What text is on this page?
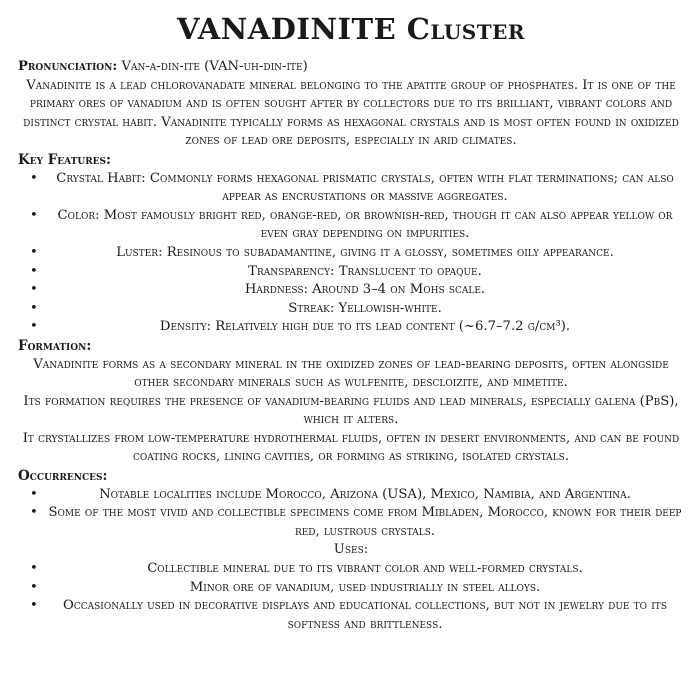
VANADINITE Cluster
Pronunciation: Van-a-din-ite (VAN-uh-din-ite)
Vanadinite is a lead chlorovanadate mineral belonging to the apatite group of phosphates. It is one of the primary ores of vanadium and is often sought after by collectors due to its brilliant, vibrant colors and distinct crystal habit. Vanadinite typically forms as hexagonal crystals and is most often found in oxidized zones of lead ore deposits, especially in arid climates.
Key Features:
• Crystal Habit: Commonly forms hexagonal prismatic crystals, often with flat terminations; can also appear as encrustations or massive aggregates.
• Color: Most famously bright red, orange-red, or brownish-red, though it can also appear yellow or even gray depending on impurities.
•	Luster: Resinous to subadamantine, giving it a glossy, sometimes oily appearance.
•	Transparency: Translucent to opaque.
•	Hardness: Around 3–4 on Mohs scale.
•	Streak: Yellowish-white.
•	Density: Relatively high due to its lead content (~6.7–7.2 g/cm³).
Formation:
Vanadinite forms as a secondary mineral in the oxidized zones of lead-bearing deposits, often alongside other secondary minerals such as wulfenite, descloizite, and mimetite.
Its formation requires the presence of vanadium-bearing fluids and lead minerals, especially galena (PbS), which it alters.
It crystallizes from low-temperature hydrothermal fluids, often in desert environments, and can be found coating rocks, lining cavities, or forming as striking, isolated crystals.
Occurrences:
•	Notable localities include Morocco, Arizona (USA), Mexico, Namibia, and Argentina.
• Some of the most vivid and collectible specimens come from Mibladen, Morocco, known for their deep red, lustrous crystals.
Uses:
•	Collectible mineral due to its vibrant color and well-formed crystals.
•	Minor ore of vanadium, used industrially in steel alloys.
• Occasionally used in decorative displays and educational collections, but not in jewelry due to its softness and brittleness.
